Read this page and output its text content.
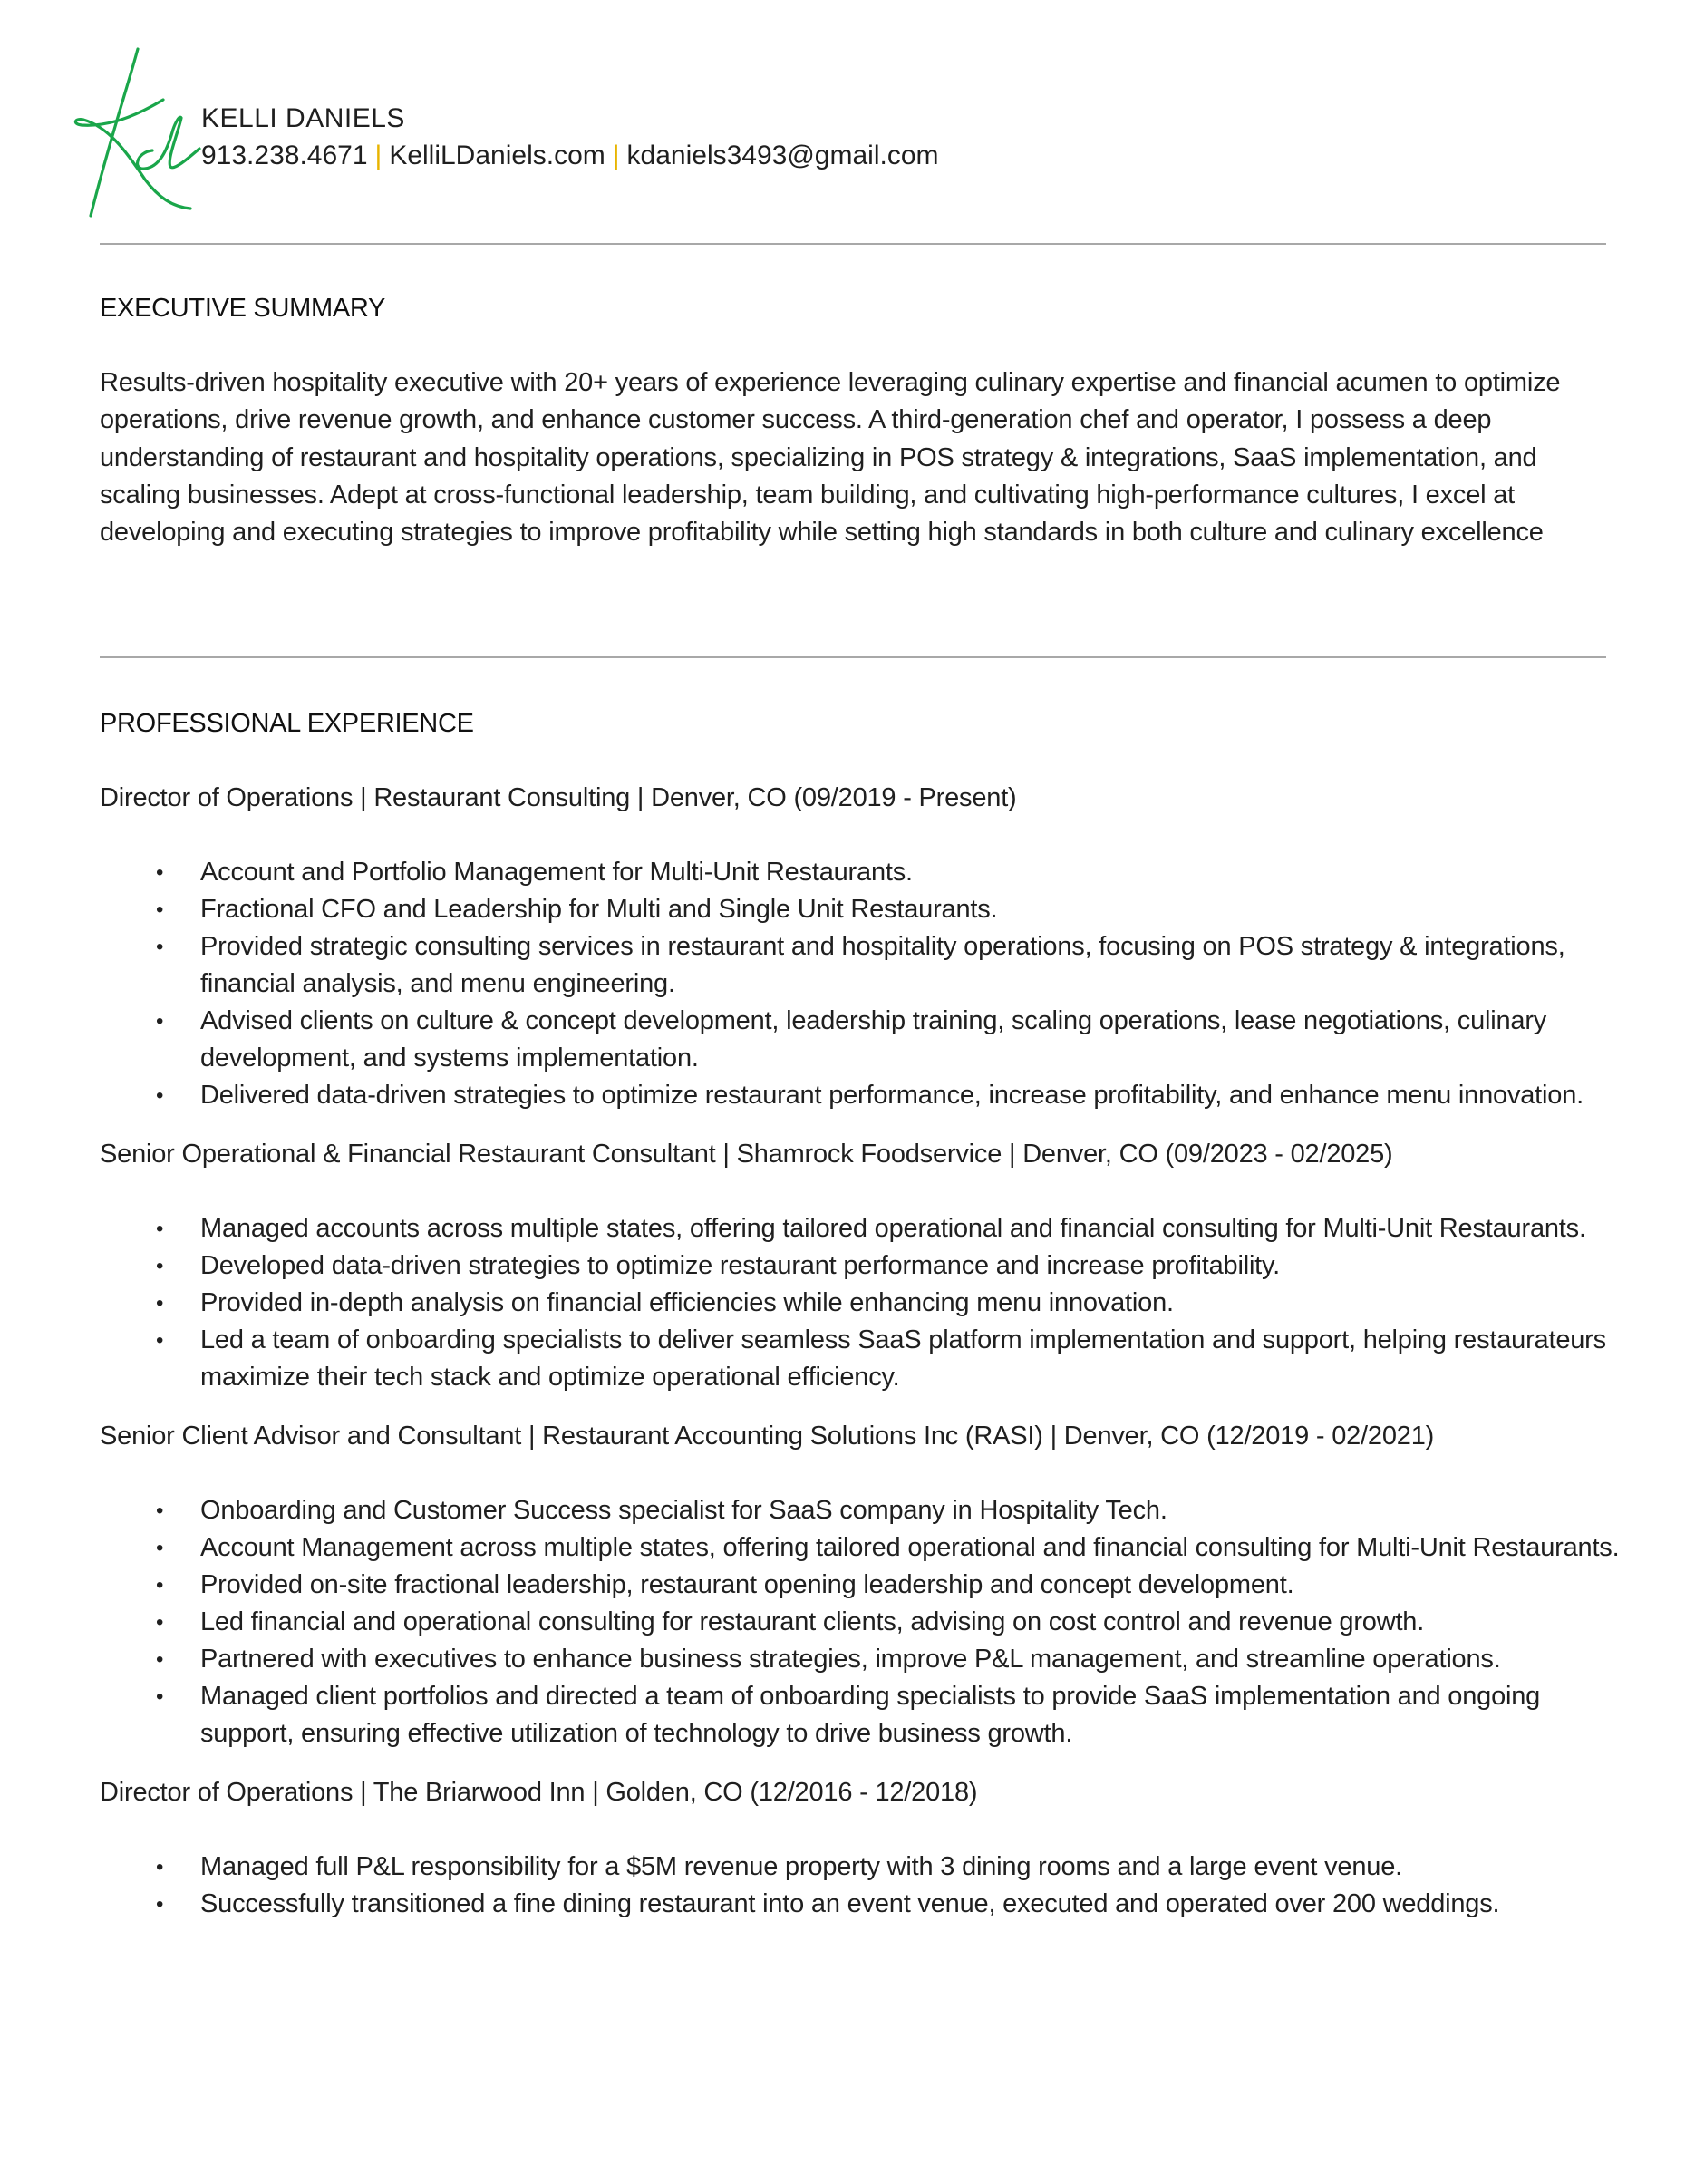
KELLI DANIELS
913.238.4671 | KelliLDaniels.com | kdaniels3493@gmail.com
EXECUTIVE SUMMARY
Results-driven hospitality executive with 20+ years of experience leveraging culinary expertise and financial acumen to optimize operations, drive revenue growth, and enhance customer success. A third-generation chef and operator, I possess a deep understanding of restaurant and hospitality operations, specializing in POS strategy & integrations, SaaS implementation, and scaling businesses. Adept at cross-functional leadership, team building, and cultivating high-performance cultures, I excel at developing and executing strategies to improve profitability while setting high standards in both culture and culinary excellence
PROFESSIONAL EXPERIENCE
Director of Operations | Restaurant Consulting | Denver, CO (09/2019 - Present)
• Account and Portfolio Management for Multi-Unit Restaurants.
• Fractional CFO and Leadership for Multi and Single Unit Restaurants.
• Provided strategic consulting services in restaurant and hospitality operations, focusing on POS strategy & integrations, financial analysis, and menu engineering.
• Advised clients on culture & concept development, leadership training, scaling operations, lease negotiations, culinary development, and systems implementation.
• Delivered data-driven strategies to optimize restaurant performance, increase profitability, and enhance menu innovation.
Senior Operational & Financial Restaurant Consultant | Shamrock Foodservice | Denver, CO (09/2023 - 02/2025)
• Managed accounts across multiple states, offering tailored operational and financial consulting for Multi-Unit Restaurants.
• Developed data-driven strategies to optimize restaurant performance and increase profitability.
• Provided in-depth analysis on financial efficiencies while enhancing menu innovation.
• Led a team of onboarding specialists to deliver seamless SaaS platform implementation and support, helping restaurateurs maximize their tech stack and optimize operational efficiency.
Senior Client Advisor and Consultant | Restaurant Accounting Solutions Inc (RASI) | Denver, CO (12/2019 - 02/2021)
• Onboarding and Customer Success specialist for SaaS company in Hospitality Tech.
• Account Management across multiple states, offering tailored operational and financial consulting for Multi-Unit Restaurants.
• Provided on-site fractional leadership, restaurant opening leadership and concept development.
• Led financial and operational consulting for restaurant clients, advising on cost control and revenue growth.
• Partnered with executives to enhance business strategies, improve P&L management, and streamline operations.
• Managed client portfolios and directed a team of onboarding specialists to provide SaaS implementation and ongoing support, ensuring effective utilization of technology to drive business growth.
Director of Operations | The Briarwood Inn | Golden, CO (12/2016 - 12/2018)
• Managed full P&L responsibility for a $5M revenue property with 3 dining rooms and a large event venue.
• Successfully transitioned a fine dining restaurant into an event venue, executed and operated over 200 weddings.
